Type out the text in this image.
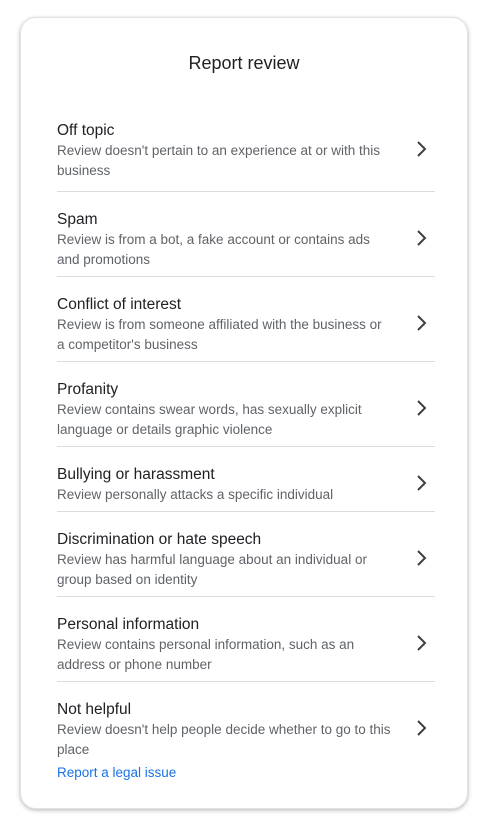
Report review
Off topic
Review doesn't pertain to an experience at or with this business
Spam
Review is from a bot, a fake account or contains ads and promotions
Conflict of interest
Review is from someone affiliated with the business or a competitor's business
Profanity
Review contains swear words, has sexually explicit language or details graphic violence
Bullying or harassment
Review personally attacks a specific individual
Discrimination or hate speech
Review has harmful language about an individual or group based on identity
Personal information
Review contains personal information, such as an address or phone number
Not helpful
Review doesn't help people decide whether to go to this place
Report a legal issue
